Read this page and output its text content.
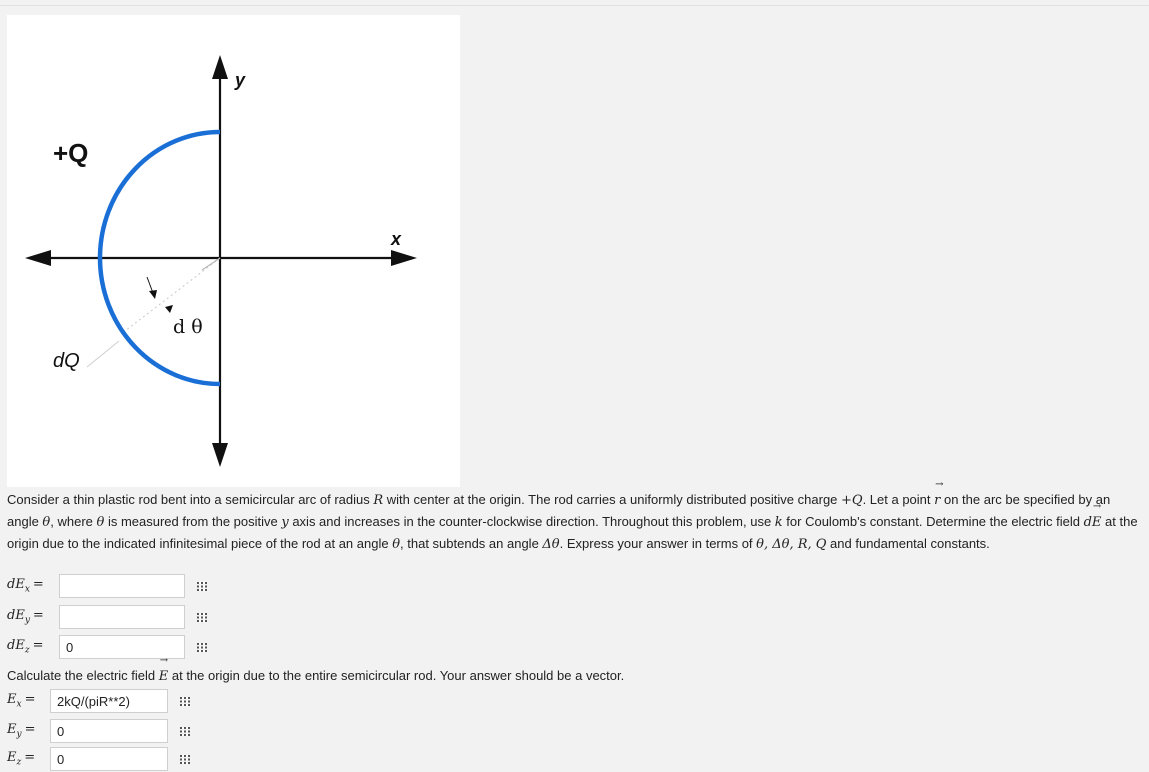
+Q
y
x
dQ
d θ

Consider a thin plastic rod bent into a semicircular arc of radius R with center at the origin. The rod carries a uniformly distributed positive charge +Q. Let a point → r on the arc be specified by an angle θ, where θ is measured from the positive y axis and increases in the counter-clockwise direction. Throughout this problem, use k for Coulomb's constant. Determine the electric field d→ E at the origin due to the indicated infinitesimal piece of the rod at an angle θ, that subtends an angle Δθ. Express your answer in terms of θ, Δθ, R, Q and fundamental constants.

$dE_x$ =
$dE_y$ =
$dE_z$ =
0
Calculate the electric field → E at the origin due to the entire semicircular rod. Your answer should be a vector.
$E_x$ =
2kQ/(piR**2)
$E_y$ =
0
$E_z$ =
0
